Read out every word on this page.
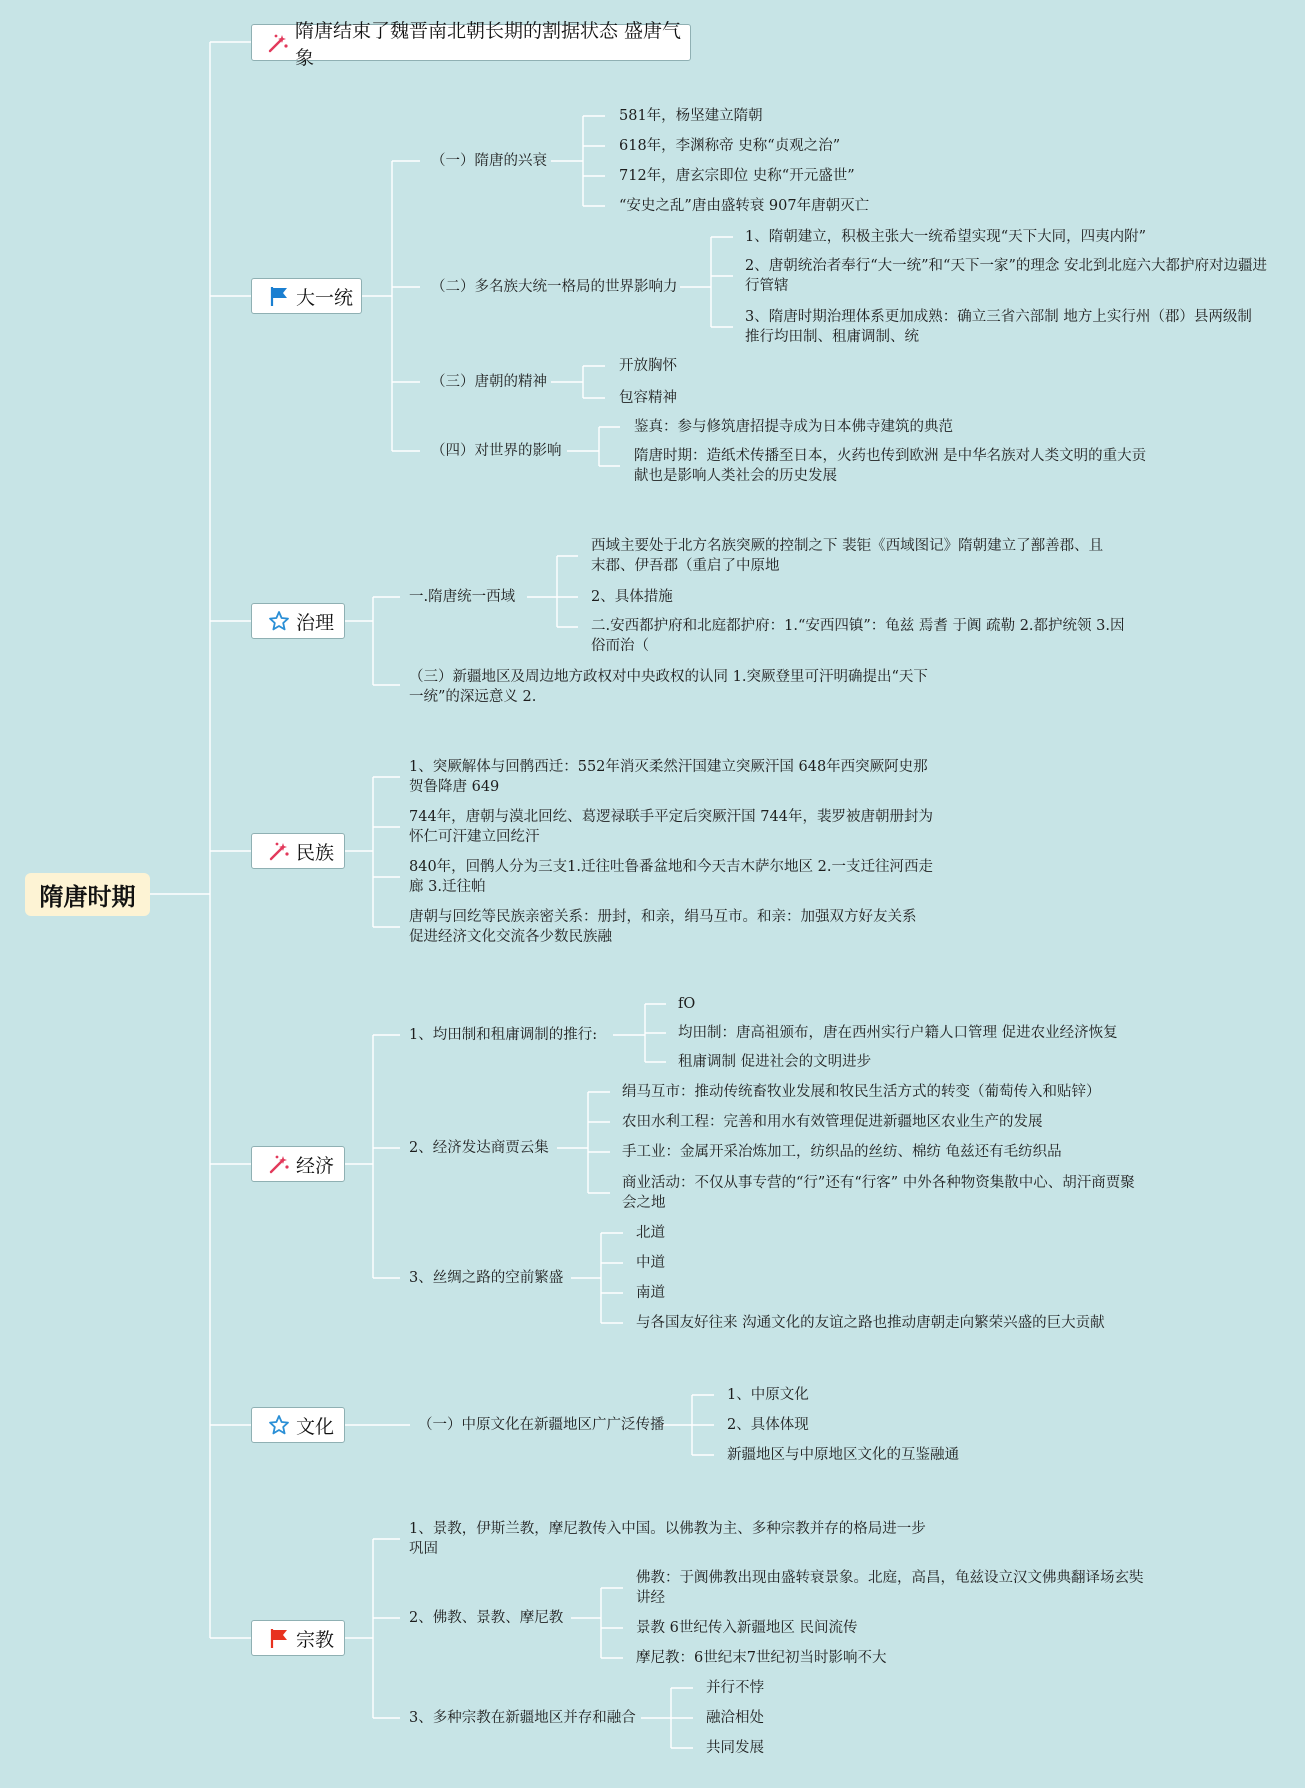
隋唐时期
隋唐结束了魏晋南北朝长期的割据状态 盛唐气象
大一统
治理
民族
经济
文化
宗教
（一）隋唐的兴衰
581年，杨坚建立隋朝
618年，李渊称帝 史称“贞观之治”
712年，唐玄宗即位 史称“开元盛世”
“安史之乱”唐由盛转衰 907年唐朝灭亡
（二）多名族大统一格局的世界影响力
1、隋朝建立，积极主张大一统希望实现“天下大同，四夷内附”
2、唐朝统治者奉行“大一统”和“天下一家”的理念 安北到北庭六大都护府对边疆进
行管辖
3、隋唐时期治理体系更加成熟：确立三省六部制 地方上实行州（郡）县两级制
推行均田制、租庸调制、统
（三）唐朝的精神
开放胸怀
包容精神
（四）对世界的影响
鉴真：参与修筑唐招提寺成为日本佛寺建筑的典范
隋唐时期：造纸术传播至日本，火药也传到欧洲 是中华名族对人类文明的重大贡
献也是影响人类社会的历史发展
一.隋唐统一西域
西域主要处于北方名族突厥的控制之下 裴钜《西域图记》隋朝建立了鄯善郡、且
末郡、伊吾郡（重启了中原地
2、具体措施
二.安西都护府和北庭都护府：1.“安西四镇”：龟兹 焉耆 于阗 疏勒 2.都护统领 3.因
俗而治（
（三）新疆地区及周边地方政权对中央政权的认同 1.突厥登里可汗明确提出“天下
一统”的深远意义 2.
1、突厥解体与回鹘西迁：552年消灭柔然汗国建立突厥汗国 648年西突厥阿史那
贺鲁降唐 649
744年，唐朝与漠北回纥、葛逻禄联手平定后突厥汗国 744年，裴罗被唐朝册封为
怀仁可汗建立回纥汗
840年，回鹘人分为三支1.迁往吐鲁番盆地和今天吉木萨尔地区 2.一支迁往河西走
廊 3.迁往帕
唐朝与回纥等民族亲密关系：册封，和亲，绢马互市。和亲：加强双方好友关系
促进经济文化交流各少数民族融
1、均田制和租庸调制的推行:
fO
均田制：唐高祖颁布，唐在西州实行户籍人口管理 促进农业经济恢复
租庸调制 促进社会的文明进步
2、经济发达商贾云集
绢马互市：推动传统畜牧业发展和牧民生活方式的转变（葡萄传入和贴锌）
农田水利工程：完善和用水有效管理促进新疆地区农业生产的发展
手工业：金属开采冶炼加工，纺织品的丝纺、棉纺 龟兹还有毛纺织品
商业活动：不仅从事专营的“行”还有“行客” 中外各种物资集散中心、胡汗商贾聚
会之地
3、丝绸之路的空前繁盛
北道
中道
南道
与各国友好往来 沟通文化的友谊之路也推动唐朝走向繁荣兴盛的巨大贡献
（一）中原文化在新疆地区广广泛传播
1、中原文化
2、具体体现
新疆地区与中原地区文化的互鉴融通
1、景教，伊斯兰教，摩尼教传入中国。以佛教为主、多种宗教并存的格局进一步
巩固
2、佛教、景教、摩尼教
佛教：于阗佛教出现由盛转衰景象。北庭，高昌，龟兹设立汉文佛典翻译场玄奘
讲经
景教 6世纪传入新疆地区 民间流传
摩尼教：6世纪末7世纪初当时影响不大
3、多种宗教在新疆地区并存和融合
并行不悖
融洽相处
共同发展
